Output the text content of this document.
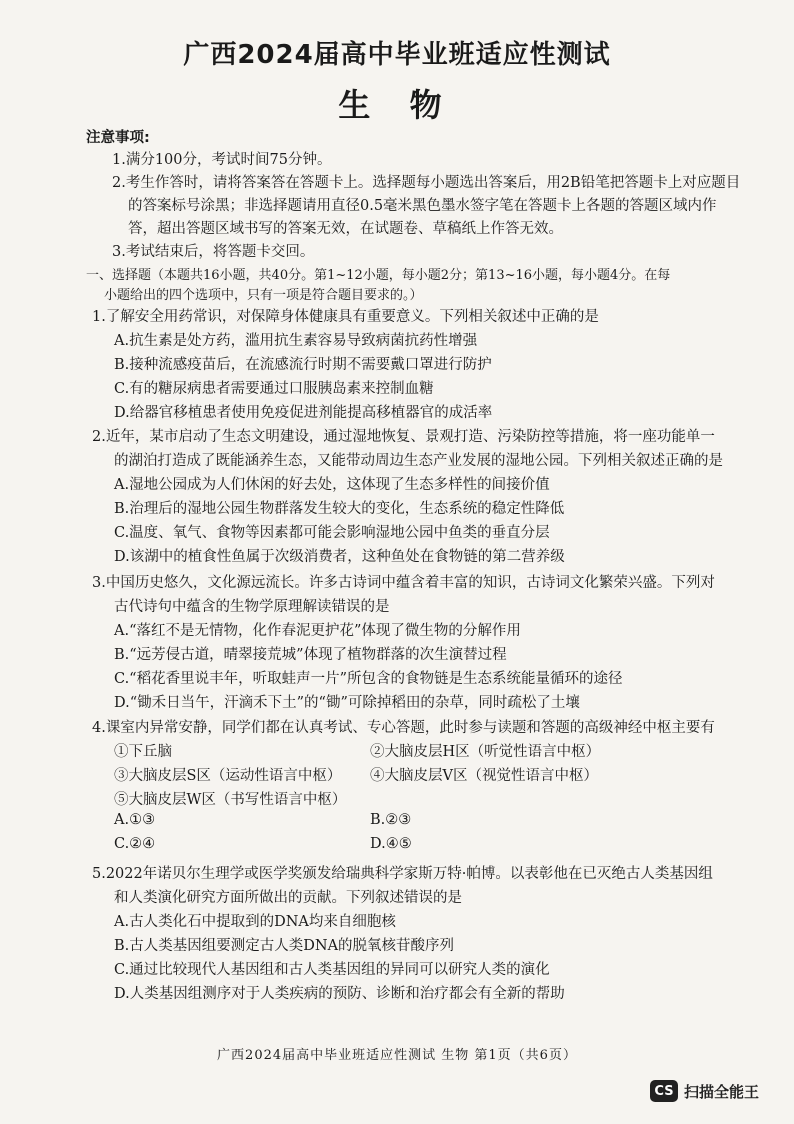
广西2024届高中毕业班适应性测试
生 物
注意事项:
1.满分100分，考试时间75分钟。
2.考生作答时，请将答案答在答题卡上。选择题每小题选出答案后，用2B铅笔把答题卡上对应题目
的答案标号涂黑；非选择题请用直径0.5毫米黑色墨水签字笔在答题卡上各题的答题区域内作
答，超出答题区域书写的答案无效，在试题卷、草稿纸上作答无效。
3.考试结束后，将答题卡交回。
一、选择题（本题共16小题，共40分。第1~12小题，每小题2分；第13~16小题，每小题4分。在每
小题给出的四个选项中，只有一项是符合题目要求的。）
1.了解安全用药常识，对保障身体健康具有重要意义。下列相关叙述中正确的是
A.抗生素是处方药，滥用抗生素容易导致病菌抗药性增强
B.接种流感疫苗后，在流感流行时期不需要戴口罩进行防护
C.有的糖尿病患者需要通过口服胰岛素来控制血糖
D.给器官移植患者使用免疫促进剂能提高移植器官的成活率
2.近年，某市启动了生态文明建设，通过湿地恢复、景观打造、污染防控等措施，将一座功能单一
的湖泊打造成了既能涵养生态，又能带动周边生态产业发展的湿地公园。下列相关叙述正确的是
A.湿地公园成为人们休闲的好去处，这体现了生态多样性的间接价值
B.治理后的湿地公园生物群落发生较大的变化，生态系统的稳定性降低
C.温度、氧气、食物等因素都可能会影响湿地公园中鱼类的垂直分层
D.该湖中的植食性鱼属于次级消费者，这种鱼处在食物链的第二营养级
3.中国历史悠久，文化源远流长。许多古诗词中蕴含着丰富的知识，古诗词文化繁荣兴盛。下列对
古代诗句中蕴含的生物学原理解读错误的是
A.“落红不是无情物，化作春泥更护花”体现了微生物的分解作用
B.“远芳侵古道，晴翠接荒城”体现了植物群落的次生演替过程
C.“稻花香里说丰年，听取蛙声一片”所包含的食物链是生态系统能量循环的途径
D.“锄禾日当午，汗滴禾下土”的“锄”可除掉稻田的杂草，同时疏松了土壤
4.课室内异常安静，同学们都在认真考试、专心答题，此时参与读题和答题的高级神经中枢主要有
①下丘脑	②大脑皮层H区（听觉性语言中枢）
③大脑皮层S区（运动性语言中枢） ④大脑皮层V区（视觉性语言中枢）
⑤大脑皮层W区（书写性语言中枢）
A.①③	B.②③
C.②④	D.④⑤
5.2022年诺贝尔生理学或医学奖颁发给瑞典科学家斯万特·帕博。以表彰他在已灭绝古人类基因组
和人类演化研究方面所做出的贡献。下列叙述错误的是
A.古人类化石中提取到的DNA均来自细胞核
B.古人类基因组要测定古人类DNA的脱氧核苷酸序列
C.通过比较现代人基因组和古人类基因组的异同可以研究人类的演化
D.人类基因组测序对于人类疾病的预防、诊断和治疗都会有全新的帮助
广西2024届高中毕业班适应性测试 生物 第1页（共6页）
CS 扫描全能王
